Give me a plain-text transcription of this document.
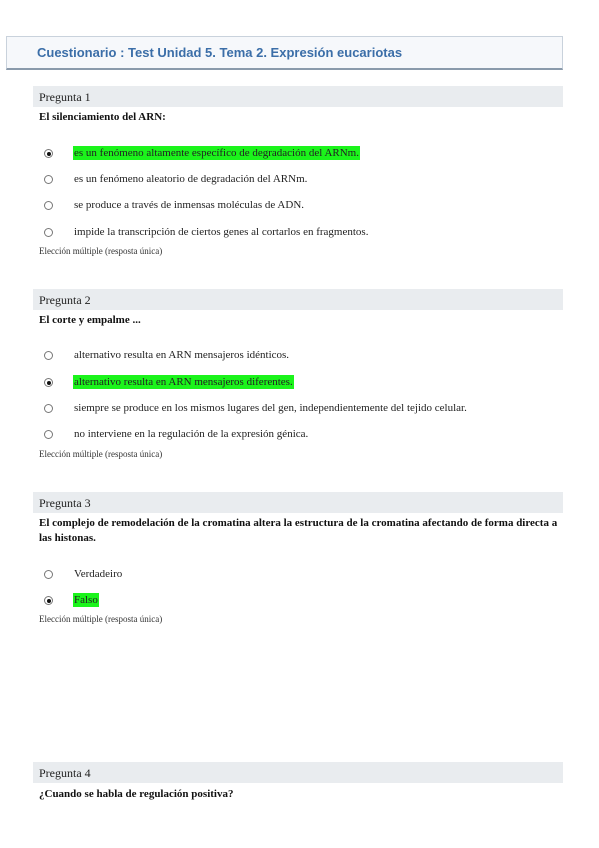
Cuestionario : Test Unidad 5. Tema 2. Expresión eucariotas
Pregunta 1
El silenciamiento del ARN:
es un fenómeno altamente específico de degradación del ARNm.
es un fenómeno aleatorio de degradación del ARNm.
se produce a través de inmensas moléculas de ADN.
impide la transcripción de ciertos genes al cortarlos en fragmentos.
Elección múltiple (resposta única)
Pregunta 2
El corte y empalme ...
alternativo resulta en ARN mensajeros idénticos.
alternativo resulta en ARN mensajeros diferentes.
siempre se produce en los mismos lugares del gen, independientemente del tejido celular.
no interviene en la regulación de la expresión génica.
Elección múltiple (resposta única)
Pregunta 3
El complejo de remodelación de la cromatina altera la estructura de la cromatina afectando de forma directa a las histonas.
Verdadeiro
Falso
Elección múltiple (resposta única)
Pregunta 4
¿Cuando se habla de regulación positiva?
